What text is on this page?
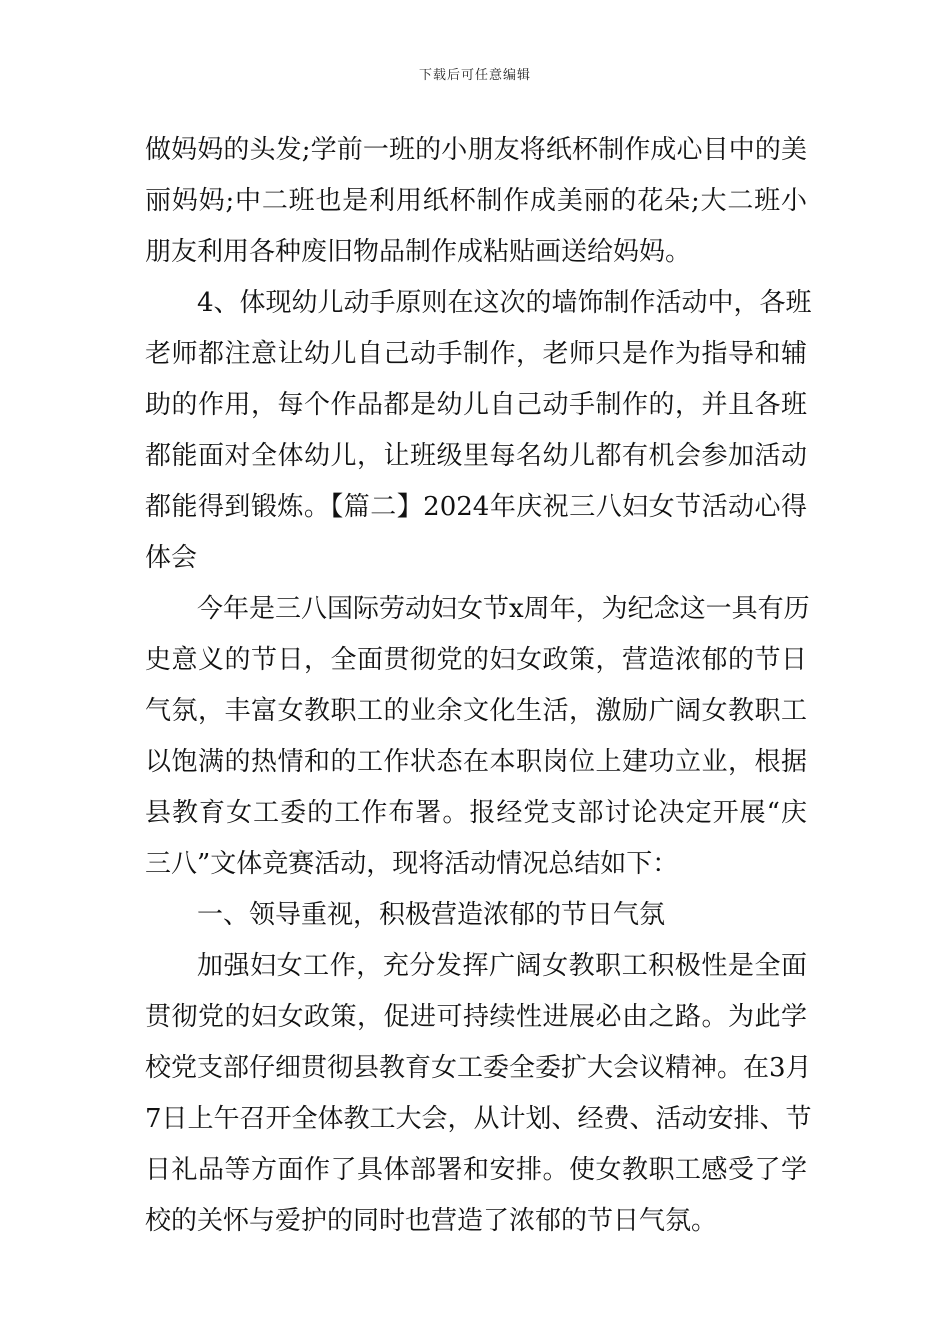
下载后可任意编辑
做妈妈的头发;学前一班的小朋友将纸杯制作成心目中的美
丽妈妈;中二班也是利用纸杯制作成美丽的花朵;大二班小
朋友利用各种废旧物品制作成粘贴画送给妈妈。
4、体现幼儿动手原则在这次的墙饰制作活动中，各班
老师都注意让幼儿自己动手制作，老师只是作为指导和辅
助的作用，每个作品都是幼儿自己动手制作的，并且各班
都能面对全体幼儿，让班级里每名幼儿都有机会参加活动
都能得到锻炼。【篇二】2024年庆祝三八妇女节活动心得
体会
今年是三八国际劳动妇女节x周年，为纪念这一具有历
史意义的节日，全面贯彻党的妇女政策，营造浓郁的节日
气氛，丰富女教职工的业余文化生活，激励广阔女教职工
以饱满的热情和的工作状态在本职岗位上建功立业，根据
县教育女工委的工作布署。报经党支部讨论决定开展“庆
三八”文体竞赛活动，现将活动情况总结如下：
一、领导重视，积极营造浓郁的节日气氛
加强妇女工作，充分发挥广阔女教职工积极性是全面
贯彻党的妇女政策，促进可持续性进展必由之路。为此学
校党支部仔细贯彻县教育女工委全委扩大会议精神。在3月
7日上午召开全体教工大会，从计划、经费、活动安排、节
日礼品等方面作了具体部署和安排。使女教职工感受了学
校的关怀与爱护的同时也营造了浓郁的节日气氛。
